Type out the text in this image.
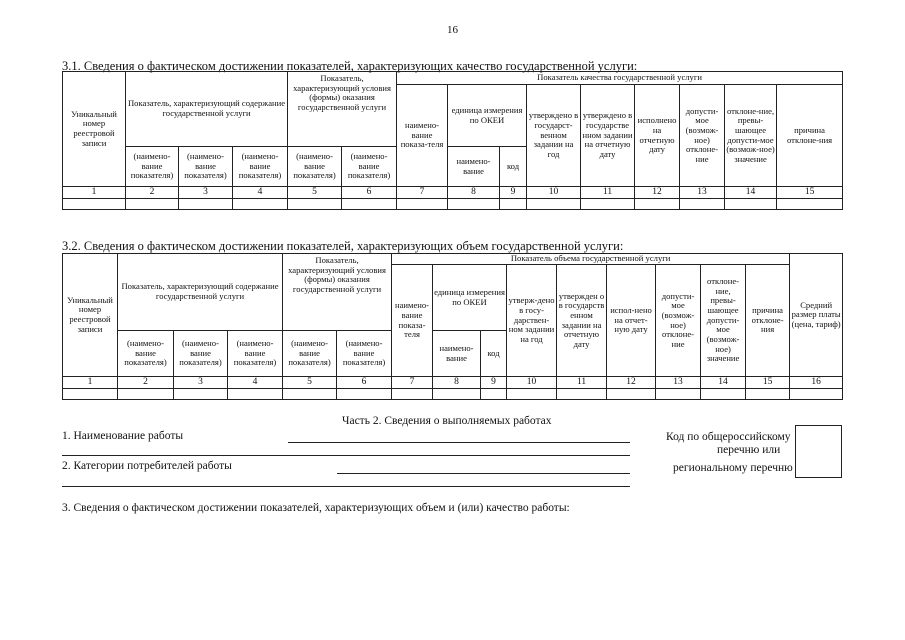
16
3.1. Сведения о фактическом достижении показателей, характеризующих качество государственной услуги:
Уникальный номер реестровой записи	Показатель, характеризующий содержание государственной услуги			Показатель, характеризующий условия (формы) оказания государственной услуги		Показатель качества государственной услуги								
						наимено-вание показа-теля	единица измерения по ОКЕИ		утверждено в государст-венном задании на год	утверждено в государстве нном задании на отчетную дату	исполнено на отчетную дату	допусти-мое (возмож-ное) отклоне-ние	отклоне-ние, превы-шающее допусти-мое (возмож-ное) значение	причина отклоне-ния
	(наимено-вание показателя)	(наимено-вание показателя)	(наимено-вание показателя)	(наимено-вание показателя)	(наимено-вание показателя)		наимено-вание	код						
1	2	3	4	5	6	7	8	9	10	11	12	13	14	15

3.2. Сведения о фактическом достижении показателей, характеризующих объем государственной услуги:
Уникальный номер реестровой записи	Показатель, характеризующий содержание государственной услуги			Показатель, характеризующий условия (формы) оказания государственной услуги		Показатель объема государственной услуги									Средний размер платы (цена, тариф)
						наимено-вание показа-теля	единица измерения по ОКЕИ		утверж-дено в госу-дарствен-ном задании на год	утвержден о в государств енном задании на отчетную дату	испол-нено на отчет-ную дату	допусти-мое (возмож-ное) отклоне-ние	отклоне-ние, превы-шающее допусти-мое (возмож-ное) значение	причина отклоне-ния	
	(наимено-вание показателя)	(наимено-вание показателя)	(наимено-вание показателя)	(наимено-вание показателя)	(наимено-вание показателя)		наимено-вание	код							
1	2	3	4	5	6	7	8	9	10	11	12	13	14	15	16

Часть 2. Сведения о выполняемых работах
1. Наименование работы
2. Категории потребителей работы
Код по общероссийскому
перечню или
региональному перечню
3. Сведения о фактическом достижении показателей, характеризующих объем и (или) качество работы:
